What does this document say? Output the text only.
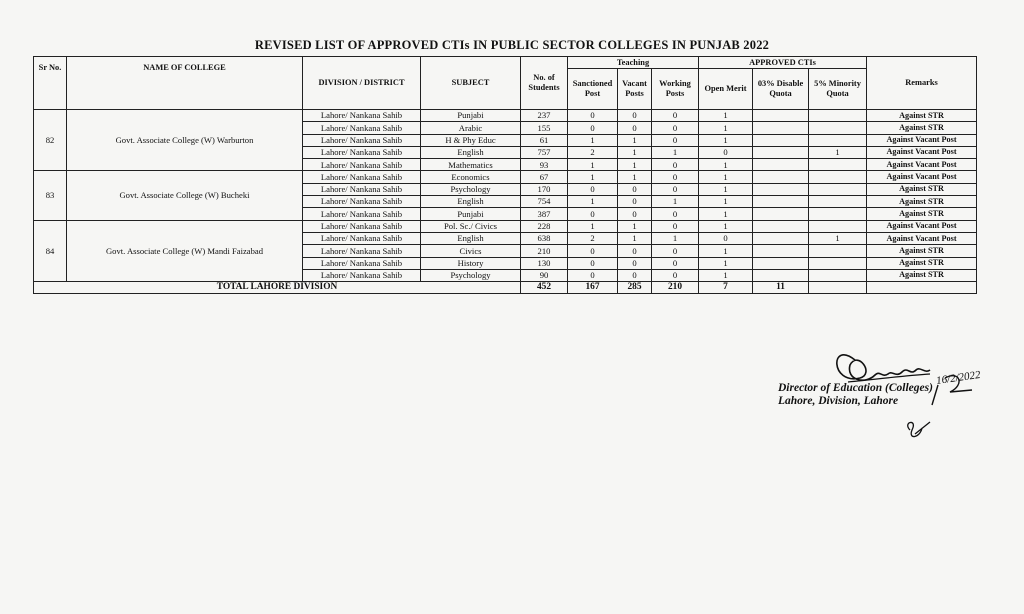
REVISED LIST OF APPROVED CTIs IN PUBLIC SECTOR COLLEGES IN PUNJAB 2022
Sr No.	NAME OF COLLEGE	DIVISION / DISTRICT	SUBJECT	No. of Students	Teaching			APPROVED CTIs			Remarks
					Sanctioned Post	Vacant Posts	Working Posts	Open Merit	03% Disable Quota	5% Minority Quota	
82	Govt. Associate College (W) Warburton	Lahore/ Nankana Sahib	Punjabi	237	0	0	0	1			Against STR
		Lahore/ Nankana Sahib	Arabic	155	0	0	0	1			Against STR
		Lahore/ Nankana Sahib	H & Phy Educ	61	1	1	0	1			Against Vacant Post
		Lahore/ Nankana Sahib	English	757	2	1	1	0		1	Against Vacant Post
		Lahore/ Nankana Sahib	Mathematics	93	1	1	0	1			Against Vacant Post
83	Govt. Associate College (W) Bucheki	Lahore/ Nankana Sahib	Economics	67	1	1	0	1			Against Vacant Post
		Lahore/ Nankana Sahib	Psychology	170	0	0	0	1			Against STR
		Lahore/ Nankana Sahib	English	754	1	0	1	1			Against STR
		Lahore/ Nankana Sahib	Punjabi	387	0	0	0	1			Against STR
84	Govt. Associate College (W) Mandi Faizabad	Lahore/ Nankana Sahib	Pol. Sc./ Civics	228	1	1	0	1			Against Vacant Post
		Lahore/ Nankana Sahib	English	638	2	1	1	0		1	Against Vacant Post
		Lahore/ Nankana Sahib	Civics	210	0	0	0	1			Against STR
		Lahore/ Nankana Sahib	History	130	0	0	0	1			Against STR
		Lahore/ Nankana Sahib	Psychology	90	0	0	0	1			Against STR
TOTAL LAHORE DIVISION				452	167	285	210	7	11		
Director of Education (Colleges)
Lahore, Division, Lahore
16/2/2022
